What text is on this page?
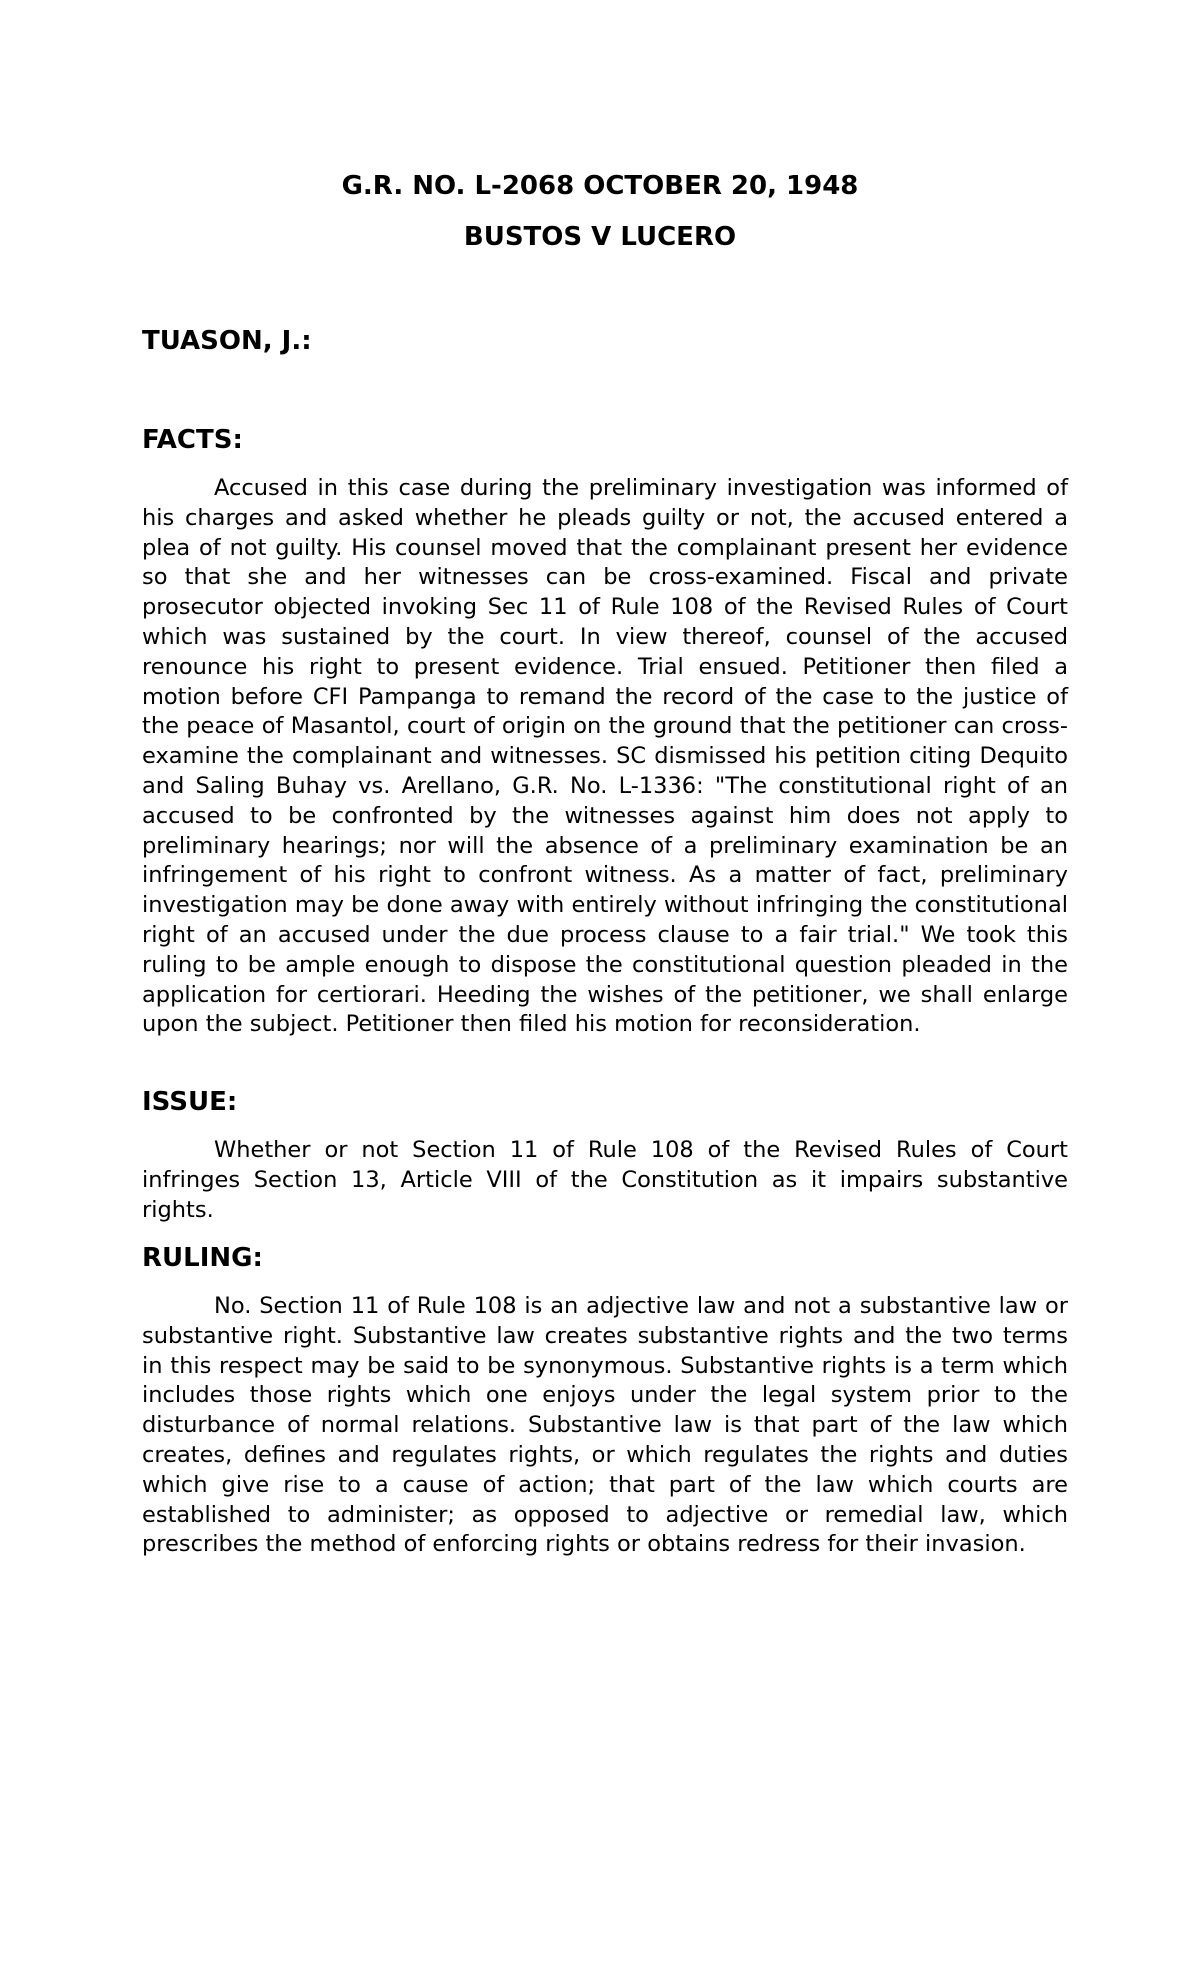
G.R. NO. L-2068 OCTOBER 20, 1948
BUSTOS V LUCERO
TUASON, J.:
FACTS:

Accused in this case during the preliminary investigation was informed of his charges and asked whether he pleads guilty or not, the accused entered a plea of not guilty. His counsel moved that the complainant present her evidence so that she and her witnesses can be cross-examined. Fiscal and private prosecutor objected invoking Sec 11 of Rule 108 of the Revised Rules of Court which was sustained by the court. In view thereof, counsel of the accused renounce his right to present evidence. Trial ensued. Petitioner then filed a motion before CFI Pampanga to remand the record of the case to the justice of the peace of Masantol, court of origin on the ground that the petitioner can cross-examine the complainant and witnesses. SC dismissed his petition citing Dequito and Saling Buhay vs. Arellano, G.R. No. L-1336: "The constitutional right of an accused to be confronted by the witnesses against him does not apply to preliminary hearings; nor will the absence of a preliminary examination be an infringement of his right to confront witness. As a matter of fact, preliminary investigation may be done away with entirely without infringing the constitutional right of an accused under the due process clause to a fair trial." We took this ruling to be ample enough to dispose the constitutional question pleaded in the application for certiorari. Heeding the wishes of the petitioner, we shall enlarge upon the subject. Petitioner then filed his motion for reconsideration.

ISSUE:

Whether or not Section 11 of Rule 108 of the Revised Rules of Court infringes Section 13, Article VIII of the Constitution as it impairs substantive rights.

RULING:

No. Section 11 of Rule 108 is an adjective law and not a substantive law or substantive right. Substantive law creates substantive rights and the two terms in this respect may be said to be synonymous. Substantive rights is a term which includes those rights which one enjoys under the legal system prior to the disturbance of normal relations. Substantive law is that part of the law which creates, defines and regulates rights, or which regulates the rights and duties which give rise to a cause of action; that part of the law which courts are established to administer; as opposed to adjective or remedial law, which prescribes the method of enforcing rights or obtains redress for their invasion.
